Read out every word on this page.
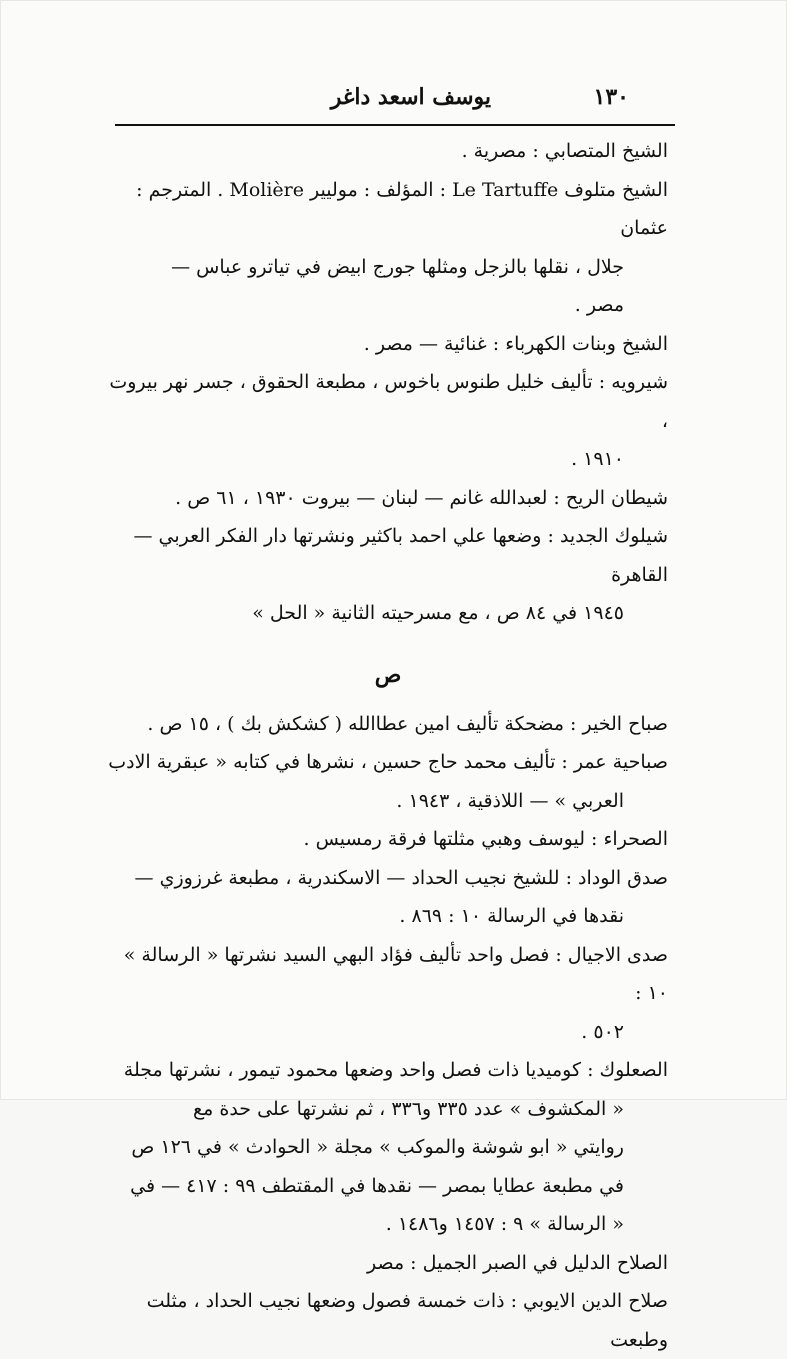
١٣٠
يوسف اسعد داغر

الشيخ المتصابي : مصرية .

الشيخ متلوف Le Tartuffe : المؤلف : موليير Molière . المترجم : عثمان

جلال ، نقلها بالزجل ومثلها جورج ابيض في تياترو عباس —

مصر .

الشيخ وبنات الكهرباء : غنائية — مصر .

شيرويه : تأليف خليل طنوس باخوس ، مطبعة الحقوق ، جسر نهر بيروت ،

١٩١٠ .

شيطان الريح : لعبدالله غانم — لبنان — بيروت ١٩٣٠ ، ٦١ ص .

شيلوك الجديد : وضعها علي احمد باكثير ونشرتها دار الفكر العربي — القاهرة

١٩٤٥ في ٨٤ ص ، مع مسرحيته الثانية « الحل »

ص

صباح الخير : مضحكة تأليف امين عطاالله ( كشكش بك ) ، ١٥ ص .

صباحية عمر : تأليف محمد حاج حسين ، نشرها في كتابه « عبقرية الادب

العربي » — اللاذقية ، ١٩٤٣ .

الصحراء : ليوسف وهبي مثلتها فرقة رمسيس .

صدق الوداد : للشيخ نجيب الحداد — الاسكندرية ، مطبعة غرزوزي —

نقدها في الرسالة ١٠ : ٨٦٩ .

صدى الاجيال : فصل واحد تأليف فؤاد البهي السيد نشرتها « الرسالة » ١٠ :

٥٠٢ .

الصعلوك : كوميديا ذات فصل واحد وضعها محمود تيمور ، نشرتها مجلة

« المكشوف » عدد ٣٣٥ و٣٣٦ ، ثم نشرتها على حدة مع

روايتي « ابو شوشة والموكب » مجلة « الحوادث » في ١٢٦ ص

في مطبعة عطايا بمصر — نقدها في المقتطف ٩٩ : ٤١٧ — في

« الرسالة » ٩ : ١٤٥٧ و١٤٨٦ .

الصلاح الدليل في الصبر الجميل : مصر

صلاح الدين الايوبي : ذات خمسة فصول وضعها نجيب الحداد ، مثلت وطبعت
